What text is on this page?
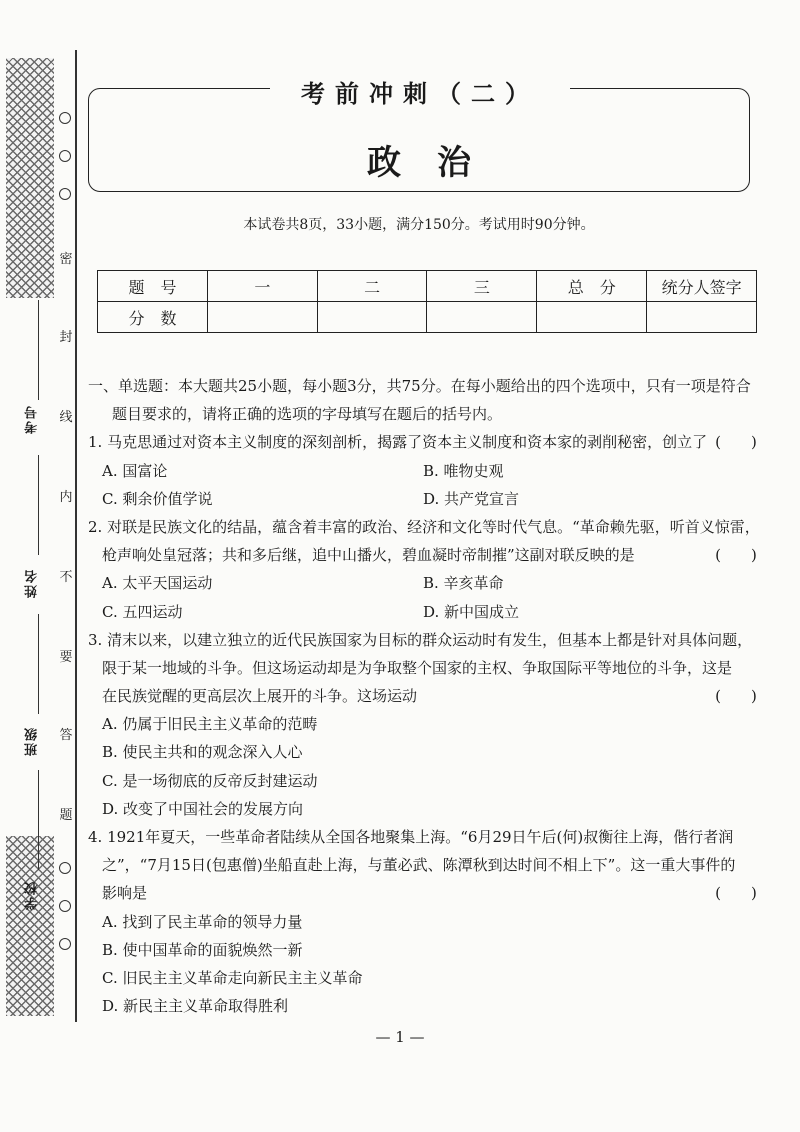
密
封
线
内
不
要
答
题
考号
姓名
班级
学校
考前冲刺（二）
政治
本试卷共8页，33小题，满分150分。考试用时90分钟。
题　号	一	二	三	总　分	统分人签字
分　数					
一、单选题：本大题共25小题，每小题3分，共75分。在每小题给出的四个选项中，只有一项是符合
题目要求的，请将正确的选项的字母填写在题后的括号内。
1. 马克思通过对资本主义制度的深刻剖析，揭露了资本主义制度和资本家的剥削秘密，创立了 (　　)
A. 国富论	B. 唯物史观
C. 剩余价值学说	D. 共产党宣言
2. 对联是民族文化的结晶，蕴含着丰富的政治、经济和文化等时代气息。“革命赖先驱，听首义惊雷，
枪声响处皇冠落；共和多后继，追中山播火，碧血凝时帝制摧”这副对联反映的是	(　　)
A. 太平天国运动	B. 辛亥革命
C. 五四运动	D. 新中国成立
3. 清末以来，以建立独立的近代民族国家为目标的群众运动时有发生，但基本上都是针对具体问题，
限于某一地域的斗争。但这场运动却是为争取整个国家的主权、争取国际平等地位的斗争，这是
在民族觉醒的更高层次上展开的斗争。这场运动	(　　)
A. 仍属于旧民主主义革命的范畴
B. 使民主共和的观念深入人心
C. 是一场彻底的反帝反封建运动
D. 改变了中国社会的发展方向
4. 1921年夏天，一些革命者陆续从全国各地聚集上海。“6月29日午后(何)叔衡往上海，偕行者润
之”，“7月15日(包惠僧)坐船直赴上海，与董必武、陈潭秋到达时间不相上下”。这一重大事件的
影响是	(　　)
A. 找到了民主革命的领导力量
B. 使中国革命的面貌焕然一新
C. 旧民主主义革命走向新民主主义革命
D. 新民主主义革命取得胜利
— 1 —
